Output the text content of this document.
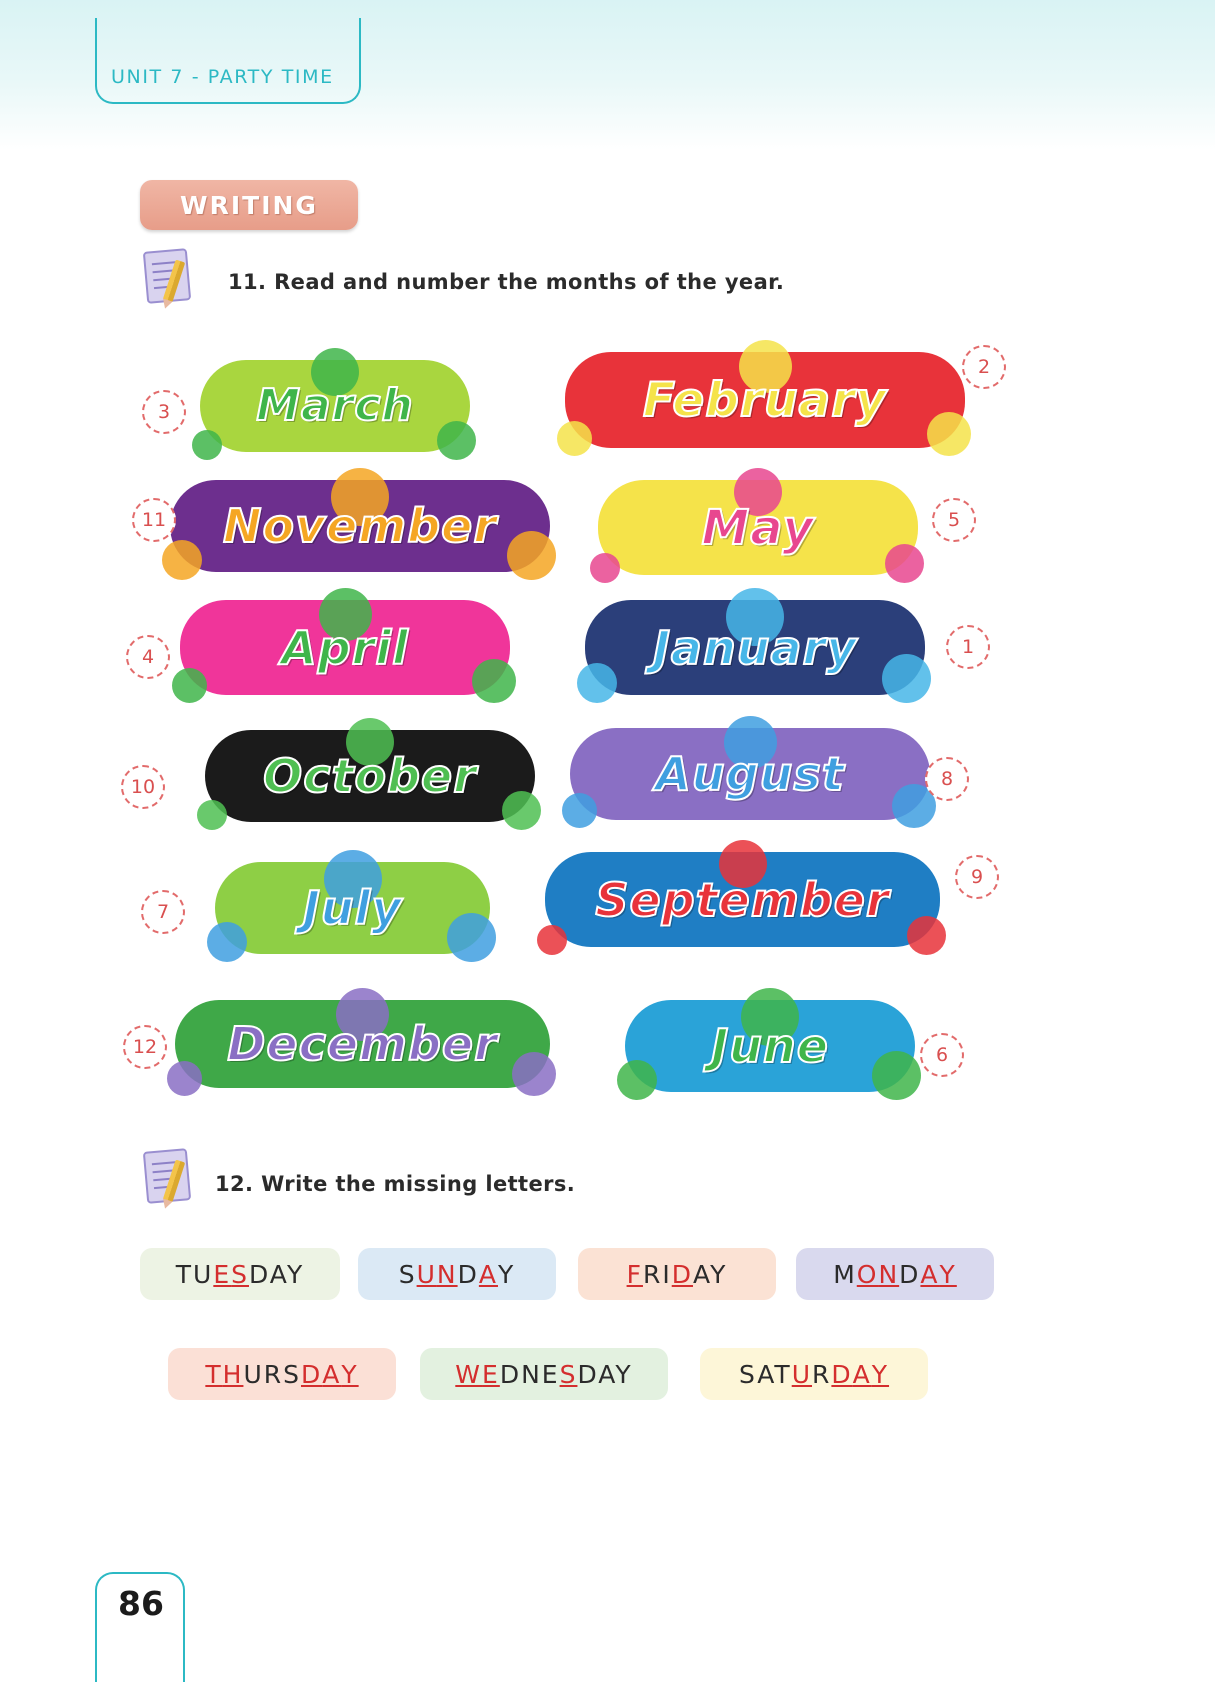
UNIT 7 - PARTY TIME
WRITING
11. Read and number the months of the year.
March
3	February
2
November
11	May	5
April
4	January	1
October
10	August	8
July
7	September	9
December
12	June	6
12. Write the missing letters.
TU E S DAY	S U N D A Y	F RI D AY	M O N D A Y
T H URS D A Y	W E DNE S DAY	SAT U R D A Y
86
